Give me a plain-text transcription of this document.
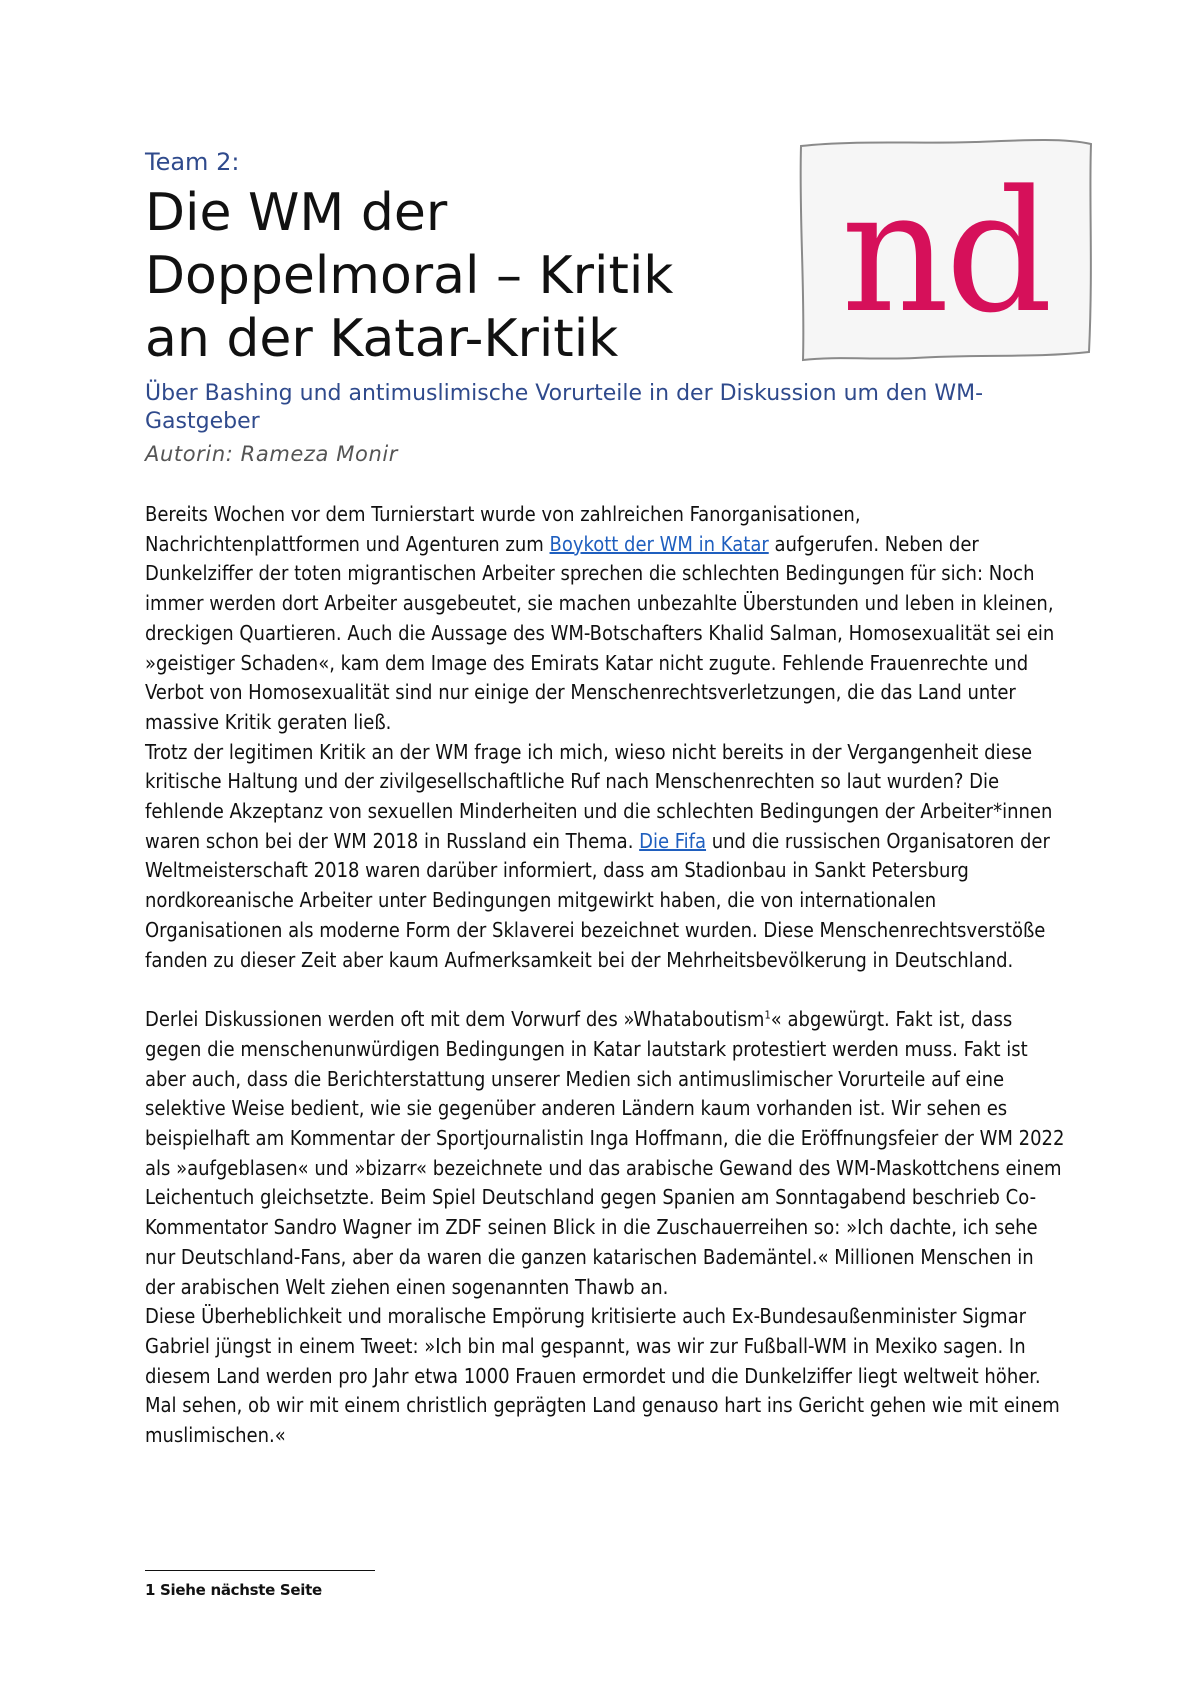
Team 2:
Die WM der
Doppelmoral – Kritik
an der Katar-Kritik	nd
Über Bashing und antimuslimische Vorurteile in der Diskussion um den WM-Gastgeber
Autorin: Rameza Monir

Bereits Wochen vor dem Turnierstart wurde von zahlreichen Fanorganisationen, Nachrichtenplattformen und Agenturen zum Boykott der WM in Katar aufgerufen. Neben der Dunkelziffer der toten migrantischen Arbeiter sprechen die schlechten Bedingungen für sich: Noch immer werden dort Arbeiter ausgebeutet, sie machen unbezahlte Überstunden und leben in kleinen, dreckigen Quartieren. Auch die Aussage des WM-Botschafters Khalid Salman, Homosexualität sei ein »geistiger Schaden«, kam dem Image des Emirats Katar nicht zugute. Fehlende Frauenrechte und Verbot von Homosexualität sind nur einige der Menschenrechtsverletzungen, die das Land unter massive Kritik geraten ließ.

Trotz der legitimen Kritik an der WM frage ich mich, wieso nicht bereits in der Vergangenheit diese kritische Haltung und der zivilgesellschaftliche Ruf nach Menschenrechten so laut wurden? Die fehlende Akzeptanz von sexuellen Minderheiten und die schlechten Bedingungen der Arbeiter*innen waren schon bei der WM 2018 in Russland ein Thema. Die Fifa und die russischen Organisatoren der Weltmeisterschaft 2018 waren darüber informiert, dass am Stadionbau in Sankt Petersburg nordkoreanische Arbeiter unter Bedingungen mitgewirkt haben, die von internationalen Organisationen als moderne Form der Sklaverei bezeichnet wurden. Diese Menschenrechtsverstöße fanden zu dieser Zeit aber kaum Aufmerksamkeit bei der Mehrheitsbevölkerung in Deutschland.

Derlei Diskussionen werden oft mit dem Vorwurf des »Whataboutism$^1$« abgewürgt. Fakt ist, dass gegen die menschenunwürdigen Bedingungen in Katar lautstark protestiert werden muss. Fakt ist aber auch, dass die Berichterstattung unserer Medien sich antimuslimischer Vorurteile auf eine selektive Weise bedient, wie sie gegenüber anderen Ländern kaum vorhanden ist. Wir sehen es beispielhaft am Kommentar der Sportjournalistin Inga Hoffmann, die die Eröffnungsfeier der WM 2022 als »aufgeblasen« und »bizarr« bezeichnete und das arabische Gewand des WM-Maskottchens einem Leichentuch gleichsetzte. Beim Spiel Deutschland gegen Spanien am Sonntagabend beschrieb Co-Kommentator Sandro Wagner im ZDF seinen Blick in die Zuschauerreihen so: »Ich dachte, ich sehe nur Deutschland-Fans, aber da waren die ganzen katarischen Bademäntel.« Millionen Menschen in der arabischen Welt ziehen einen sogenannten Thawb an.

Diese Überheblichkeit und moralische Empörung kritisierte auch Ex-Bundesaußenminister Sigmar Gabriel jüngst in einem Tweet: »Ich bin mal gespannt, was wir zur Fußball-WM in Mexiko sagen. In diesem Land werden pro Jahr etwa 1000 Frauen ermordet und die Dunkelziffer liegt weltweit höher. Mal sehen, ob wir mit einem christlich geprägten Land genauso hart ins Gericht gehen wie mit einem muslimischen.«

1 Siehe nächste Seite
